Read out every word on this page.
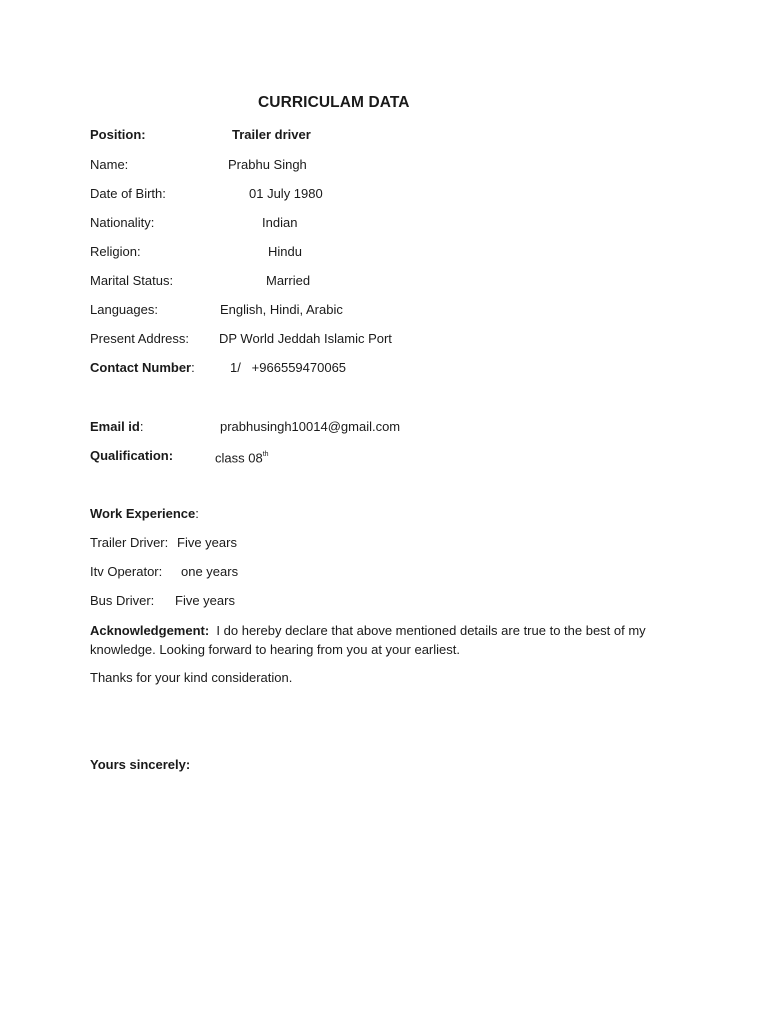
CURRICULAM DATA
Position:	Trailer driver
Name:	Prabhu Singh
Date of Birth:	01 July 1980
Nationality:	Indian
Religion:	Hindu
Marital Status:	Married
Languages:	English, Hindi, Arabic
Present Address: DP World Jeddah Islamic Port
Contact Number:	1/   +966559470065
Email id:	prabhusingh10014@gmail.com
Qualification:	class 08th
Work Experience:
Trailer Driver: Five years
Itv Operator: one years
Bus Driver: Five years
Acknowledgement: I do hereby declare that above mentioned details are true to the best of my knowledge. Looking forward to hearing from you at your earliest.
Thanks for your kind consideration.
Yours sincerely:
